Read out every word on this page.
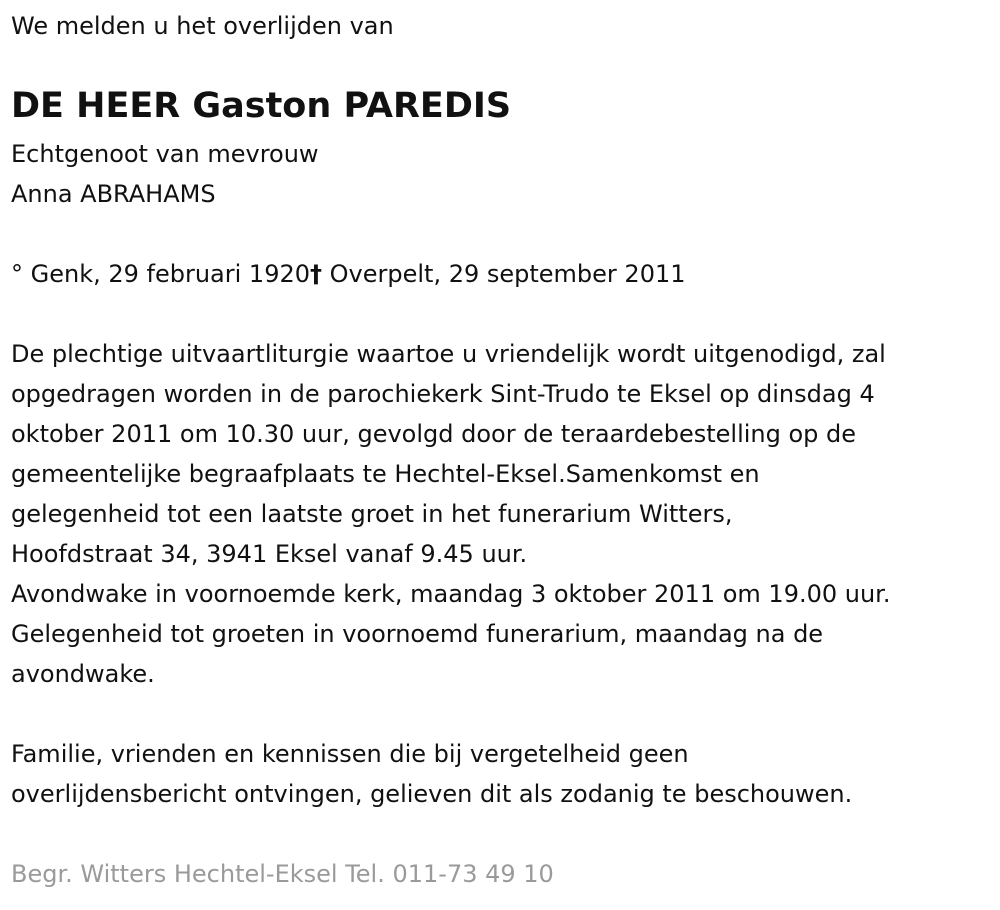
We melden u het overlijden van
DE HEER Gaston PAREDIS
Echtgenoot van mevrouw
Anna ABRAHAMS
° Genk, 29 februari 1920† Overpelt, 29 september 2011
De plechtige uitvaartliturgie waartoe u vriendelijk wordt uitgenodigd, zal
opgedragen worden in de parochiekerk Sint-Trudo te Eksel op dinsdag 4
oktober 2011 om 10.30 uur, gevolgd door de teraardebestelling op de
gemeentelijke begraafplaats te Hechtel-Eksel.Samenkomst en
gelegenheid tot een laatste groet in het funerarium Witters,
Hoofdstraat 34, 3941 Eksel vanaf 9.45 uur.
Avondwake in voornoemde kerk, maandag 3 oktober 2011 om 19.00 uur.
Gelegenheid tot groeten in voornoemd funerarium, maandag na de
avondwake.
Familie, vrienden en kennissen die bij vergetelheid geen
overlijdensbericht ontvingen, gelieven dit als zodanig te beschouwen.
Begr. Witters Hechtel-Eksel Tel. 011-73 49 10
